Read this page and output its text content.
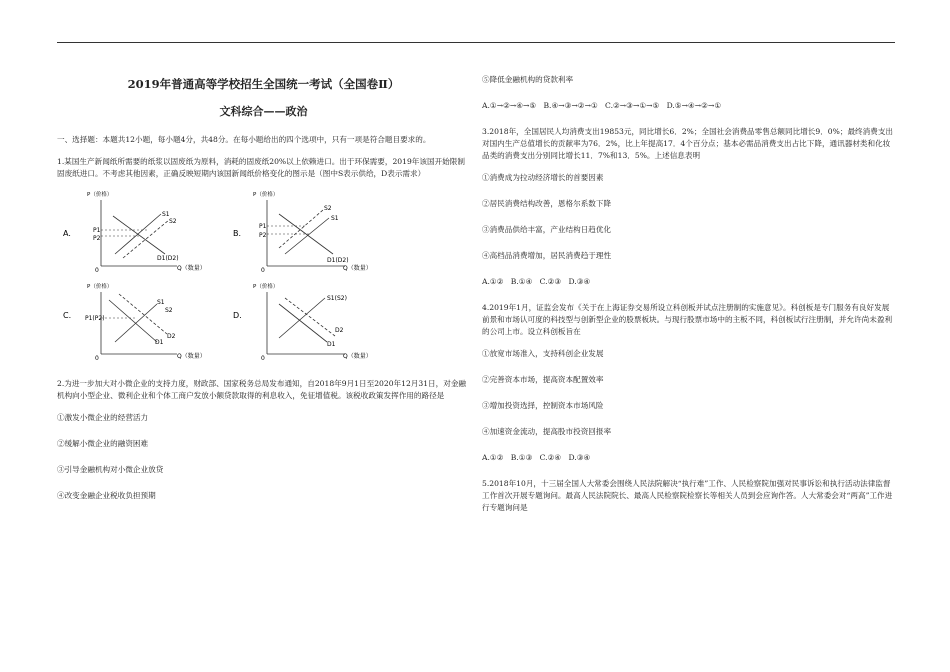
2019年普通高等学校招生全国统一考试（全国卷Ⅱ）
文科综合——政治

一、选择题：本题共12小题，每小题4分，共48分。在每小题给出的四个选项中，只有一项是符合题目要求的。

1.某国生产新闻纸所需要的纸浆以固废纸为原料，消耗的固废纸20%以上依赖进口。出于环保需要，2019年该国开始限制固废纸进口。不考虑其他因素，正确反映短期内该国新闻纸价格变化的图示是（图中S表示供给，D表示需求）

A.
P（价格）
0	Q（数量）
S1
S2
P1
P2
D1(D2)
B.
P（价格）
0	Q（数量）
S2
S1
P1
P2
D1(D2)
C.
P（价格）
0	Q（数量）
S1
S2
P1(P2)
D1
D2
D.
P（价格）
0	Q（数量）
S1(S2)
D2
D1

2.为进一步加大对小微企业的支持力度，财政部、国家税务总局发布通知，自2018年9月1日至2020年12月31日，对金融机构向小型企业、微利企业和个体工商户发放小额贷款取得的利息收入，免征增值税。该税收政策发挥作用的路径是

①激发小微企业的经营活力

②缓解小微企业的融资困难

③引导金融机构对小微企业放贷

④改变金融企业税收负担预期

⑤降低金融机构的贷款利率

A.①→②→④→⑤ B.④→③→②→① C.②→③→①→⑤ D.⑤→④→②→①

3.2018年，全国居民人均消费支出19853元，同比增长6．2%；全国社会消费品零售总额同比增长9．0%；最终消费支出对国内生产总值增长的贡献率为76．2%，比上年提高17．4个百分点；基本必需品消费支出占比下降，通讯器材类和化妆品类的消费支出分别同比增长11．7%和13．5%。上述信息表明

①消费成为拉动经济增长的首要因素

②居民消费结构改善，恩格尔系数下降

③消费品供给丰富，产业结构日趋优化

④高档品消费增加，居民消费趋于理性

A.①② B.①④ C.②③ D.③④

4.2019年1月，证监会发布《关于在上海证券交易所设立科创板并试点注册制的实施意见》。科创板是专门服务有良好发展前景和市场认可度的科技型与创新型企业的股票板块。与现行股票市场中的主板不同，科创板试行注册制，并允许尚未盈利的公司上市。设立科创板旨在

①放宽市场准入，支持科创企业发展

②完善资本市场，提高资本配置效率

③增加投资选择，控制资本市场风险

④加速资金流动，提高股市投资回报率

A.①② B.①③ C.②④ D.③④

5.2018年10月，十三届全国人大常委会围绕人民法院解决“执行难”工作、人民检察院加强对民事诉讼和执行活动法律监督工作首次开展专题询问。最高人民法院院长、最高人民检察院检察长等相关人员到会应询作答。人大常委会对“两高”工作进行专题询问是
